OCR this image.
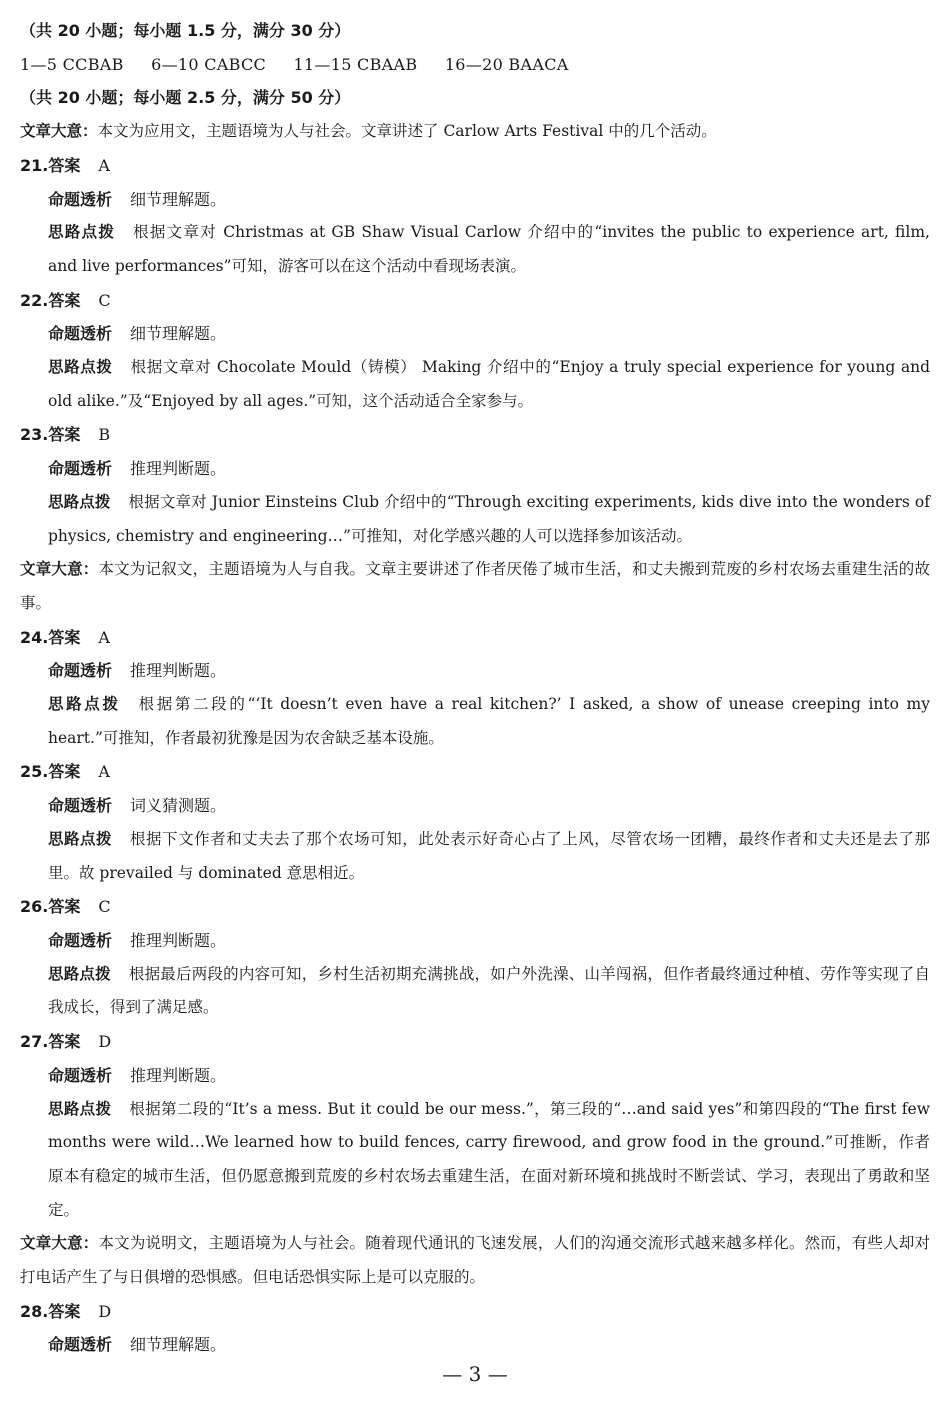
（共 20 小题；每小题 1.5 分，满分 30 分）
1—5 CCBAB 6—10 CABCC 11—15 CBAAB 16—20 BAACA
（共 20 小题；每小题 2.5 分，满分 50 分）
文章大意：本文为应用文，主题语境为人与社会。文章讲述了 Carlow Arts Festival 中的几个活动。
21.答案 A
命题透析 细节理解题。
思路点拨 根据文章对 Christmas at GB Shaw Visual Carlow 介绍中的“invites the public to experience art, film, and live performances”可知，游客可以在这个活动中看现场表演。
22.答案 C
命题透析 细节理解题。
思路点拨 根据文章对 Chocolate Mould（铸模） Making 介绍中的“Enjoy a truly special experience for young and old alike.”及“Enjoyed by all ages.”可知，这个活动适合全家参与。
23.答案 B
命题透析 推理判断题。
思路点拨 根据文章对 Junior Einsteins Club 介绍中的“Through exciting experiments, kids dive into the wonders of physics, chemistry and engineering…”可推知，对化学感兴趣的人可以选择参加该活动。
文章大意：本文为记叙文，主题语境为人与自我。文章主要讲述了作者厌倦了城市生活，和丈夫搬到荒废的乡村农场去重建生活的故事。
24.答案 A
命题透析 推理判断题。
思路点拨 根据第二段的“‘It doesn’t even have a real kitchen?’ I asked, a show of unease creeping into my heart.”可推知，作者最初犹豫是因为农舍缺乏基本设施。
25.答案 A
命题透析 词义猜测题。
思路点拨 根据下文作者和丈夫去了那个农场可知，此处表示好奇心占了上风，尽管农场一团糟，最终作者和丈夫还是去了那里。故 prevailed 与 dominated 意思相近。
26.答案 C
命题透析 推理判断题。
思路点拨 根据最后两段的内容可知，乡村生活初期充满挑战，如户外洗澡、山羊闯祸，但作者最终通过种植、劳作等实现了自我成长，得到了满足感。
27.答案 D
命题透析 推理判断题。
思路点拨 根据第二段的“It’s a mess. But it could be our mess.”，第三段的“…and said yes”和第四段的“The first few months were wild…We learned how to build fences, carry firewood, and grow food in the ground.”可推断，作者原本有稳定的城市生活，但仍愿意搬到荒废的乡村农场去重建生活，在面对新环境和挑战时不断尝试、学习，表现出了勇敢和坚定。
文章大意：本文为说明文，主题语境为人与社会。随着现代通讯的飞速发展，人们的沟通交流形式越来越多样化。然而，有些人却对打电话产生了与日俱增的恐惧感。但电话恐惧实际上是可以克服的。
28.答案 D
命题透析 细节理解题。
— 3 —
